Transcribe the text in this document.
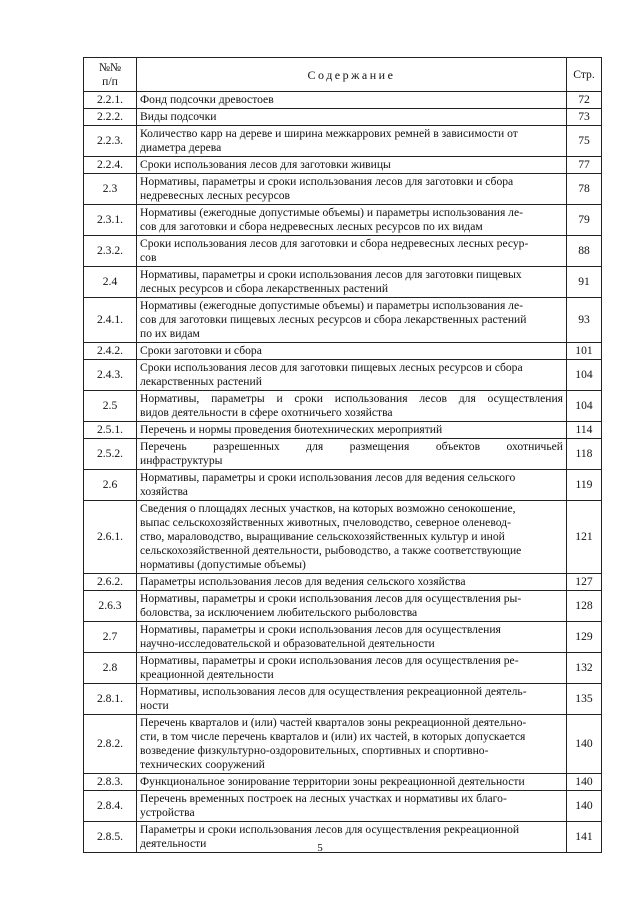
№№
п/п	Содержание	Стр.
2.2.1.	Фонд подсочки древостоев	72
2.2.2.	Виды подсочки	73
2.2.3.	Количество карр на дереве и ширина межкаррових ремней в зависимости от
диаметра дерева	75
2.2.4.	Сроки использования лесов для заготовки живицы	77
2.3	Нормативы, параметры и сроки использования лесов для заготовки и сбора
недревесных лесных ресурсов	78
2.3.1.	Нормативы (ежегодные допустимые объемы) и параметры использования ле-
сов для заготовки и сбора недревесных лесных ресурсов по их видам	79
2.3.2.	Сроки использования лесов для заготовки и сбора недревесных лесных ресур-
сов	88
2.4	Нормативы, параметры и сроки использования лесов для заготовки пищевых
лесных ресурсов и сбора лекарственных растений	91
2.4.1.	Нормативы (ежегодные допустимые объемы) и параметры использования ле-
сов для заготовки пищевых лесных ресурсов и сбора лекарственных растений
по их видам	93
2.4.2.	Сроки заготовки и сбора	101
2.4.3.	Сроки использования лесов для заготовки пищевых лесных ресурсов и сбора
лекарственных растений	104
2.5	Нормативы, параметры и сроки использования лесов для осуществления
видов деятельности в сфере охотничьего хозяйства	104
2.5.1.	Перечень и нормы проведения биотехнических мероприятий	114
2.5.2.	Перечень разрешенных для размещения объектов охотничьей
инфраструктуры	118
2.6	Нормативы, параметры и сроки использования лесов для ведения сельского
хозяйства	119
2.6.1.	Сведения о площадях лесных участков, на которых возможно сенокошение,
выпас сельскохозяйственных животных, пчеловодство, северное оленевод-
ство, мараловодство, выращивание сельскохозяйственных культур и иной
сельскохозяйственной деятельности, рыбоводство, а также соответствующие
нормативы (допустимые объемы)	121
2.6.2.	Параметры использования лесов для ведения сельского хозяйства	127
2.6.3	Нормативы, параметры и сроки использования лесов для осуществления ры-
боловства, за исключением любительского рыболовства	128
2.7	Нормативы, параметры и сроки использования лесов для осуществления
научно-исследовательской и образовательной деятельности	129
2.8	Нормативы, параметры и сроки использования лесов для осуществления ре-
креационной деятельности	132
2.8.1.	Нормативы, использования лесов для осуществления рекреационной деятель-
ности	135
2.8.2.	Перечень кварталов и (или) частей кварталов зоны рекреационной деятельно-
сти, в том числе перечень кварталов и (или) их частей, в которых допускается
возведение физкультурно-оздоровительных, спортивных и спортивно-
технических сооружений	140
2.8.3.	Функциональное зонирование территории зоны рекреационной деятельности	140
2.8.4.	Перечень временных построек на лесных участках и нормативы их благо-
устройства	140
2.8.5.	Параметры и сроки использования лесов для осуществления рекреационной
деятельности	141
5
